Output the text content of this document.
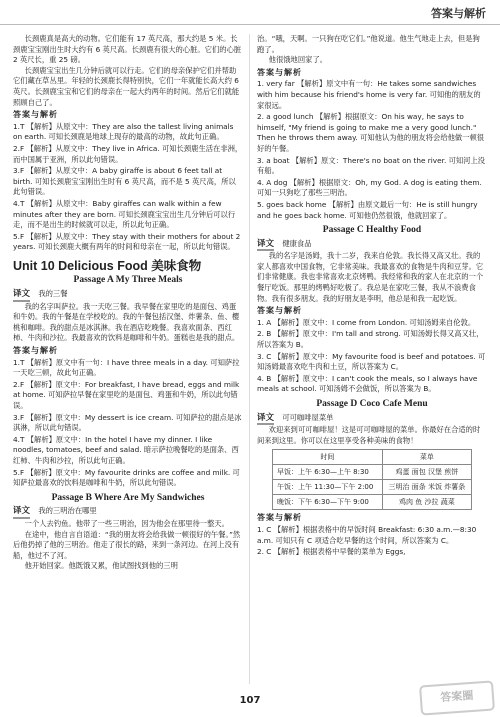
答案与解析

长颈鹿真是高大的动物。它们能有 17 英尺高，那大约是 5 米。长颈鹿宝宝刚出生时大约有 6 英尺高。长颈鹿有很大的心脏。它们的心脏 2 英尺长，重 25 磅。

长颈鹿宝宝出生几分钟后就可以行走。它们的母亲保护它们并帮助它们藏在草丛里。年轻的长颈鹿长得特别快，它们一年就能长高大约 6 英尺。长颈鹿宝宝和它们的母亲在一起大约两年的时间。然后它们就能照顾自己了。

答案与解析

1.T 【解析】从原文中：They are also the tallest living animals on earth. 可知长颈鹿是地球上现存的最高的动物，故此句正确。

2.F 【解析】从原文中：They live in Africa. 可知长颈鹿生活在非洲，而中国属于亚洲，所以此句错误。

3.F 【解析】从原文中：A baby giraffe is about 6 feet tall at birth. 可知长颈鹿宝宝刚出生时有 6 英尺高，而不是 5 英尺高，所以此句错误。

4.T 【解析】从原文中：Baby giraffes can walk within a few minutes after they are born. 可知长颈鹿宝宝出生几分钟后可以行走，而不是出生的时候就可以走，所以此句正确。

5.F 【解析】从原文中：They stay with their mothers for about 2 years. 可知长颈鹿大概有两年的时间和母亲在一起，所以此句错误。

Unit 10 Delicious Food 美味食物
Passage A My Three Meals

译文 我的三餐

我的名字叫萨拉。我一天吃三餐。我早餐在家里吃的是面包、鸡蛋和牛奶。我的午餐是在学校吃的。我的午餐包括汉堡、炸薯条、鱼、樱桃和咖啡。我的甜点是冰淇淋。我在酒店吃晚餐。我喜欢面条、西红柿、牛肉和沙拉。我最喜欢的饮料是咖啡和牛奶。蛋糕也是我的甜点。

答案与解析

1.T 【解析】原文中有一句：I have three meals in a day. 可知萨拉一天吃三顿，故此句正确。

2.F 【解析】原文中：For breakfast, I have bread, eggs and milk at home. 可知萨拉早餐在家里吃的是面包、鸡蛋和牛奶，所以此句错误。

3.F 【解析】原文中：My dessert is ice cream. 可知萨拉的甜点是冰淇淋，所以此句错误。

4.T 【解析】原文中：In the hotel I have my dinner. I like noodles, tomatoes, beef and salad. 暗示萨拉晚餐吃的是面条、西红柿、牛肉和沙拉，所以此句正确。

5.F 【解析】原文中：My favourite drinks are coffee and milk. 可知萨拉最喜欢的饮料是咖啡和牛奶，所以此句错误。

Passage B Where Are My Sandwiches

译文 我的三明治在哪里

一个人去钓鱼。他带了一些三明治，因为他会在那里待一整天。

在途中，他自言自语道：“我的朋友将会给我做一顿很好的午餐。”然后他扔掉了他的三明治。他走了很长的路，来到一条河边。在河上没有船，他过不了河。

他开始回家。他既饿又累，他试图找到他的三明

治。“哦，天啊。一只狗在吃它们。”他说道。他生气地走上去，但是狗跑了。

他很饿地回家了。

答案与解析

1. very far 【解析】原文中有一句：He takes some sandwiches with him because his friend's home is very far. 可知他的朋友的家很远。

2. a good lunch 【解析】根据原文：On his way, he says to himself, "My friend is going to make me a very good lunch." Then he throws them away. 可知他认为他的朋友将会给他做一顿很好的午餐。

3. a boat 【解析】原文：There's no boat on the river. 可知河上没有船。

4. A dog 【解析】根据原文：Oh, my God. A dog is eating them. 可知一只狗吃了那些三明治。

5. goes back home 【解析】由原文最后一句：He is still hungry and he goes back home. 可知他仍然很饿，他就回家了。

Passage C Healthy Food

译文 健康食品

我的名字是汤姆，我十二岁，我来自伦敦。我长得又高又壮。我的家人都喜欢中国食物，它非常美味。我最喜欢的食物是牛肉和豆芽。它们非常健康。我也非常喜欢北京烤鸭。我经常和我的家人在北京的一个餐厅吃饭。那里的烤鸭好吃极了。我总是在家吃三餐，我从不浪费食物。我有很多朋友。我的好朋友是李明，他总是和我一起吃饭。

答案与解析

1. A 【解析】原文中：I come from London. 可知汤姆来自伦敦。

2. B 【解析】原文中：I'm tall and strong. 可知汤姆长得又高又壮，所以答案为 B。

3. C 【解析】原文中：My favourite food is beef and potatoes. 可知汤姆最喜欢吃牛肉和土豆，所以答案为 C。

4. B 【解析】原文中：I can't cook the meals, so I always have meals at school. 可知汤姆不会做饭，所以答案为 B。

Passage D Coco Cafe Menu

译文 可可咖啡屋菜单

欢迎来到可可咖啡屋！这是可可咖啡屋的菜单。你最好在合适的时间来到这里。你可以在这里享受各种美味的食物！

时间	菜单
早饭：上午 6:30—上午 8:30	鸡蛋 面包 汉堡 煎饼
午饭：上午 11:30—下午 2:00	三明治 面条 米饭 炸薯条
晚饭：下午 6:30—下午 9:00	鸡肉 鱼 沙拉 蔬菜
答案与解析

1. C 【解析】根据表格中的早饭时间 Breakfast: 6:30 a.m.—8:30 a.m. 可知只有 C 项适合吃早餐的这个时间，所以答案为 C。

2. C 【解析】根据表格中早餐的菜单为 Eggs,

107	答案圈
